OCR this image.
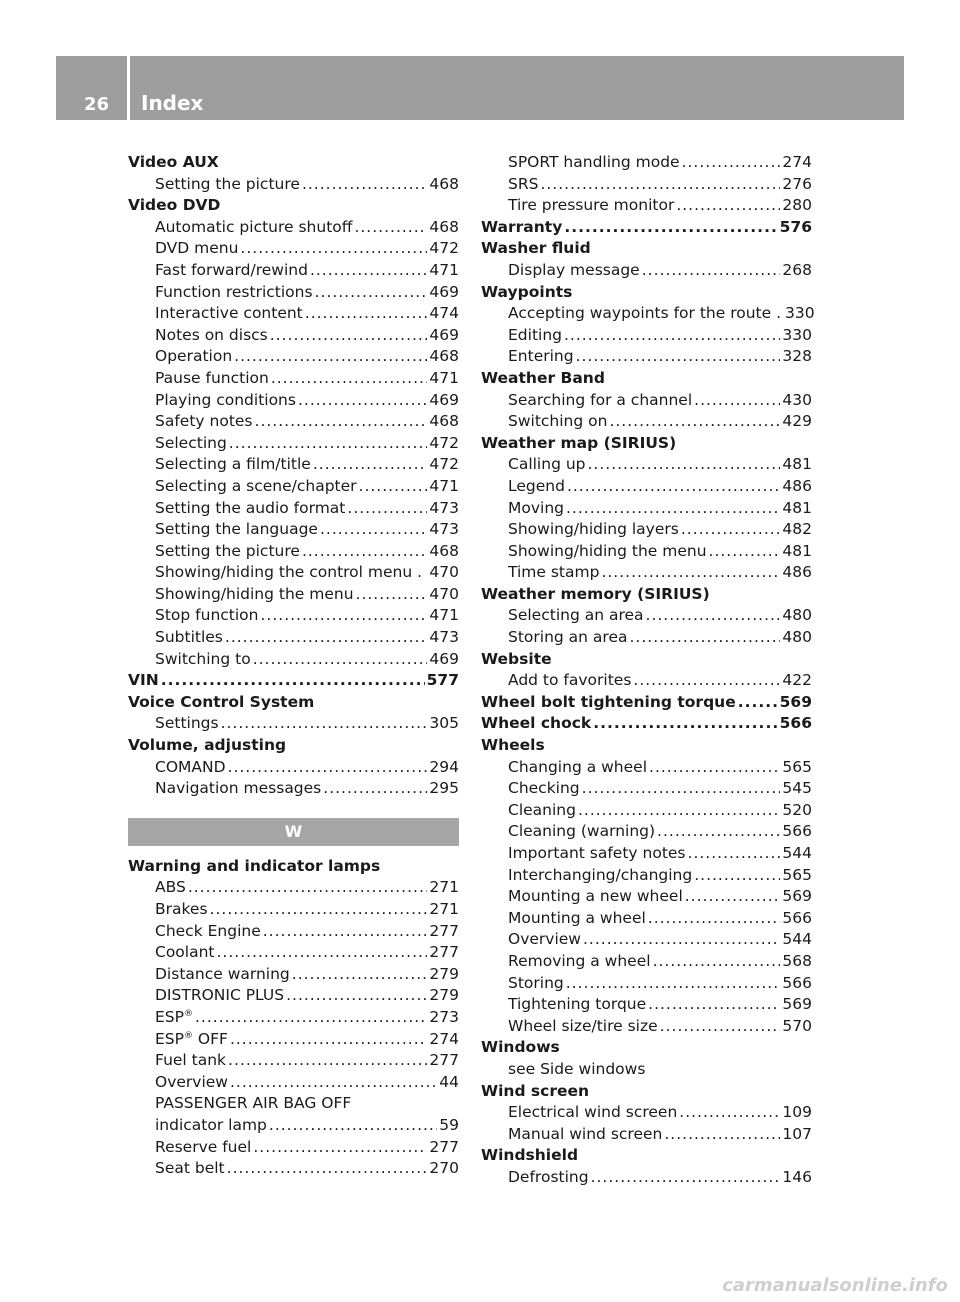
26 Index
Video AUX
Setting the picture .....	468
Video DVD
Automatic picture shutoff .....	468
DVD menu .....	472
Fast forward/rewind .....	471
Function restrictions .....	469
Interactive content .....	474
Notes on discs .....	469
Operation .....	468
Pause function .....	471
Playing conditions .....	469
Safety notes .....	468
Selecting .....	472
Selecting a film/title .....	472
Selecting a scene/chapter .....	471
Setting the audio format .....	473
Setting the language .....	473
Setting the picture .....	468
Showing/hiding the control menu . 470
Showing/hiding the menu .....	470
Stop function .....	471
Subtitles .....	473
Switching to .....	469
VIN .....	577
Voice Control System
Settings .....	305
Volume, adjusting
COMAND .....	294
Navigation messages .....	295
W
Warning and indicator lamps
ABS .....	271
Brakes .....	271
Check Engine .....	277
Coolant .....	277
Distance warning .....	279
DISTRONIC PLUS .....	279
ESP® .....	273
ESP® OFF .....	274
Fuel tank .....	277
Overview .....	44
PASSENGER AIR BAG OFF
indicator lamp .....	59
Reserve fuel .....	277
Seat belt .....	270
SPORT handling mode .....	274
SRS .....	276
Tire pressure monitor .....	280
Warranty .....	576
Washer fluid
Display message .....	268
Waypoints
Accepting waypoints for the route . 330
Editing .....	330
Entering .....	328
Weather Band
Searching for a channel .....	430
Switching on .....	429
Weather map (SIRIUS)
Calling up .....	481
Legend .....	486
Moving .....	481
Showing/hiding layers .....	482
Showing/hiding the menu .....	481
Time stamp .....	486
Weather memory (SIRIUS)
Selecting an area .....	480
Storing an area .....	480
Website
Add to favorites .....	422
Wheel bolt tightening torque .....	569
Wheel chock .....	566
Wheels
Changing a wheel .....	565
Checking .....	545
Cleaning .....	520
Cleaning (warning) .....	566
Important safety notes .....	544
Interchanging/changing .....	565
Mounting a new wheel .....	569
Mounting a wheel .....	566
Overview .....	544
Removing a wheel .....	568
Storing .....	566
Tightening torque .....	569
Wheel size/tire size .....	570
Windows
see Side windows
Wind screen
Electrical wind screen .....	109
Manual wind screen .....	107
Windshield
Defrosting .....	146
carmanualsonline.info
